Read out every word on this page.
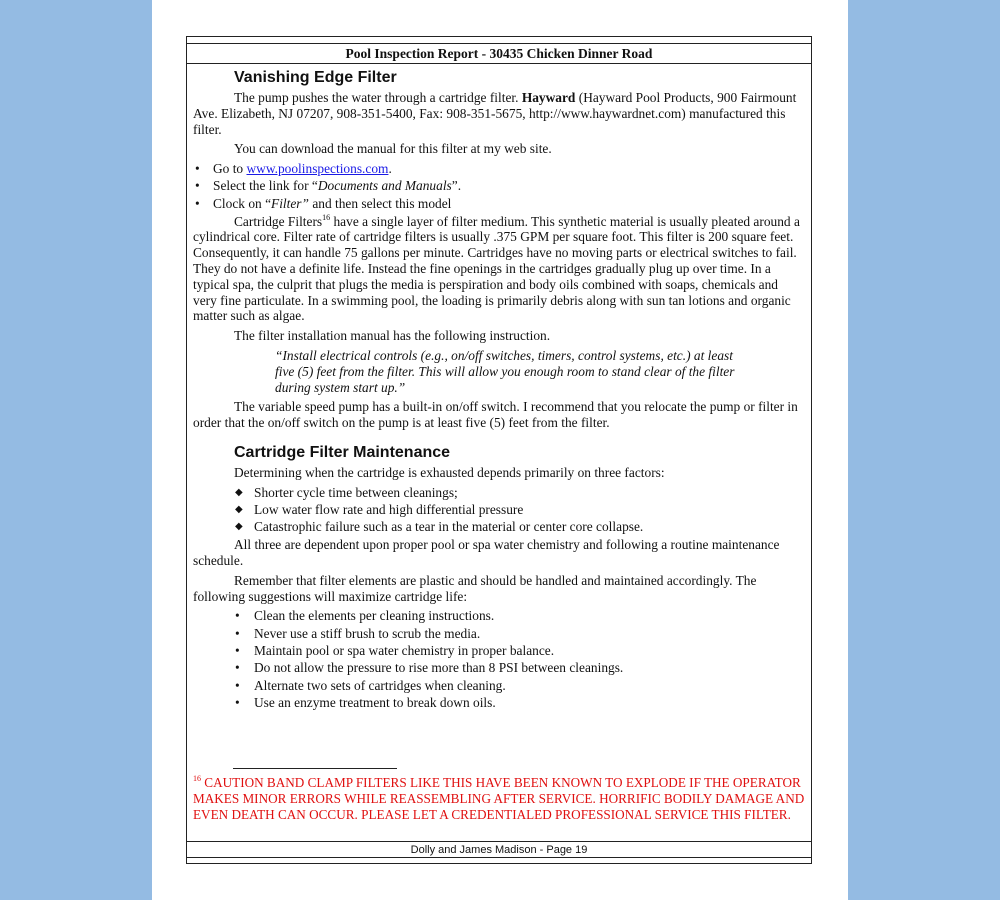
Pool Inspection Report - 30435 Chicken Dinner Road
Vanishing Edge Filter

The pump pushes the water through a cartridge filter. Hayward (Hayward Pool Products, 900 Fairmount Ave. Elizabeth, NJ 07207, 908-351-5400, Fax: 908-351-5675, http://www.haywardnet.com) manufactured this filter.

You can download the manual for this filter at my web site.

• Go to www.poolinspections.com.
• Select the link for “Documents and Manuals”.
• Clock on “Filter” and then select this model

Cartridge Filters$^{16}$ have a single layer of filter medium. This synthetic material is usually pleated around a cylindrical core. Filter rate of cartridge filters is usually .375 GPM per square foot. This filter is 200 square feet. Consequently, it can handle 75 gallons per minute. Cartridges have no moving parts or electrical switches to fail. They do not have a definite life. Instead the fine openings in the cartridges gradually plug up over time. In a typical spa, the culprit that plugs the media is perspiration and body oils combined with soaps, chemicals and very fine particulate. In a swimming pool, the loading is primarily debris along with sun tan lotions and organic matter such as algae.

The filter installation manual has the following instruction.

“Install electrical controls (e.g., on/off switches, timers, control systems, etc.) at least five (5) feet from the filter. This will allow you enough room to stand clear of the filter during system start up.”

The variable speed pump has a built-in on/off switch. I recommend that you relocate the pump or filter in order that the on/off switch on the pump is at least five (5) feet from the filter.

Cartridge Filter Maintenance

Determining when the cartridge is exhausted depends primarily on three factors:

◆ Shorter cycle time between cleanings;
◆ Low water flow rate and high differential pressure
◆ Catastrophic failure such as a tear in the material or center core collapse.

All three are dependent upon proper pool or spa water chemistry and following a routine maintenance schedule.

Remember that filter elements are plastic and should be handled and maintained accordingly. The following suggestions will maximize cartridge life:

•	Clean the elements per cleaning instructions.
•	Never use a stiff brush to scrub the media.
•	Maintain pool or spa water chemistry in proper balance.
•	Do not allow the pressure to rise more than 8 PSI between cleanings.
•	Alternate two sets of cartridges when cleaning.
•	Use an enzyme treatment to break down oils.
$^{16}$ CAUTION BAND CLAMP FILTERS LIKE THIS HAVE BEEN KNOWN TO EXPLODE IF THE OPERATOR MAKES MINOR ERRORS WHILE REASSEMBLING AFTER SERVICE. HORRIFIC BODILY DAMAGE AND EVEN DEATH CAN OCCUR. PLEASE LET A CREDENTIALED PROFESSIONAL SERVICE THIS FILTER.
Dolly and James Madison - Page 19
